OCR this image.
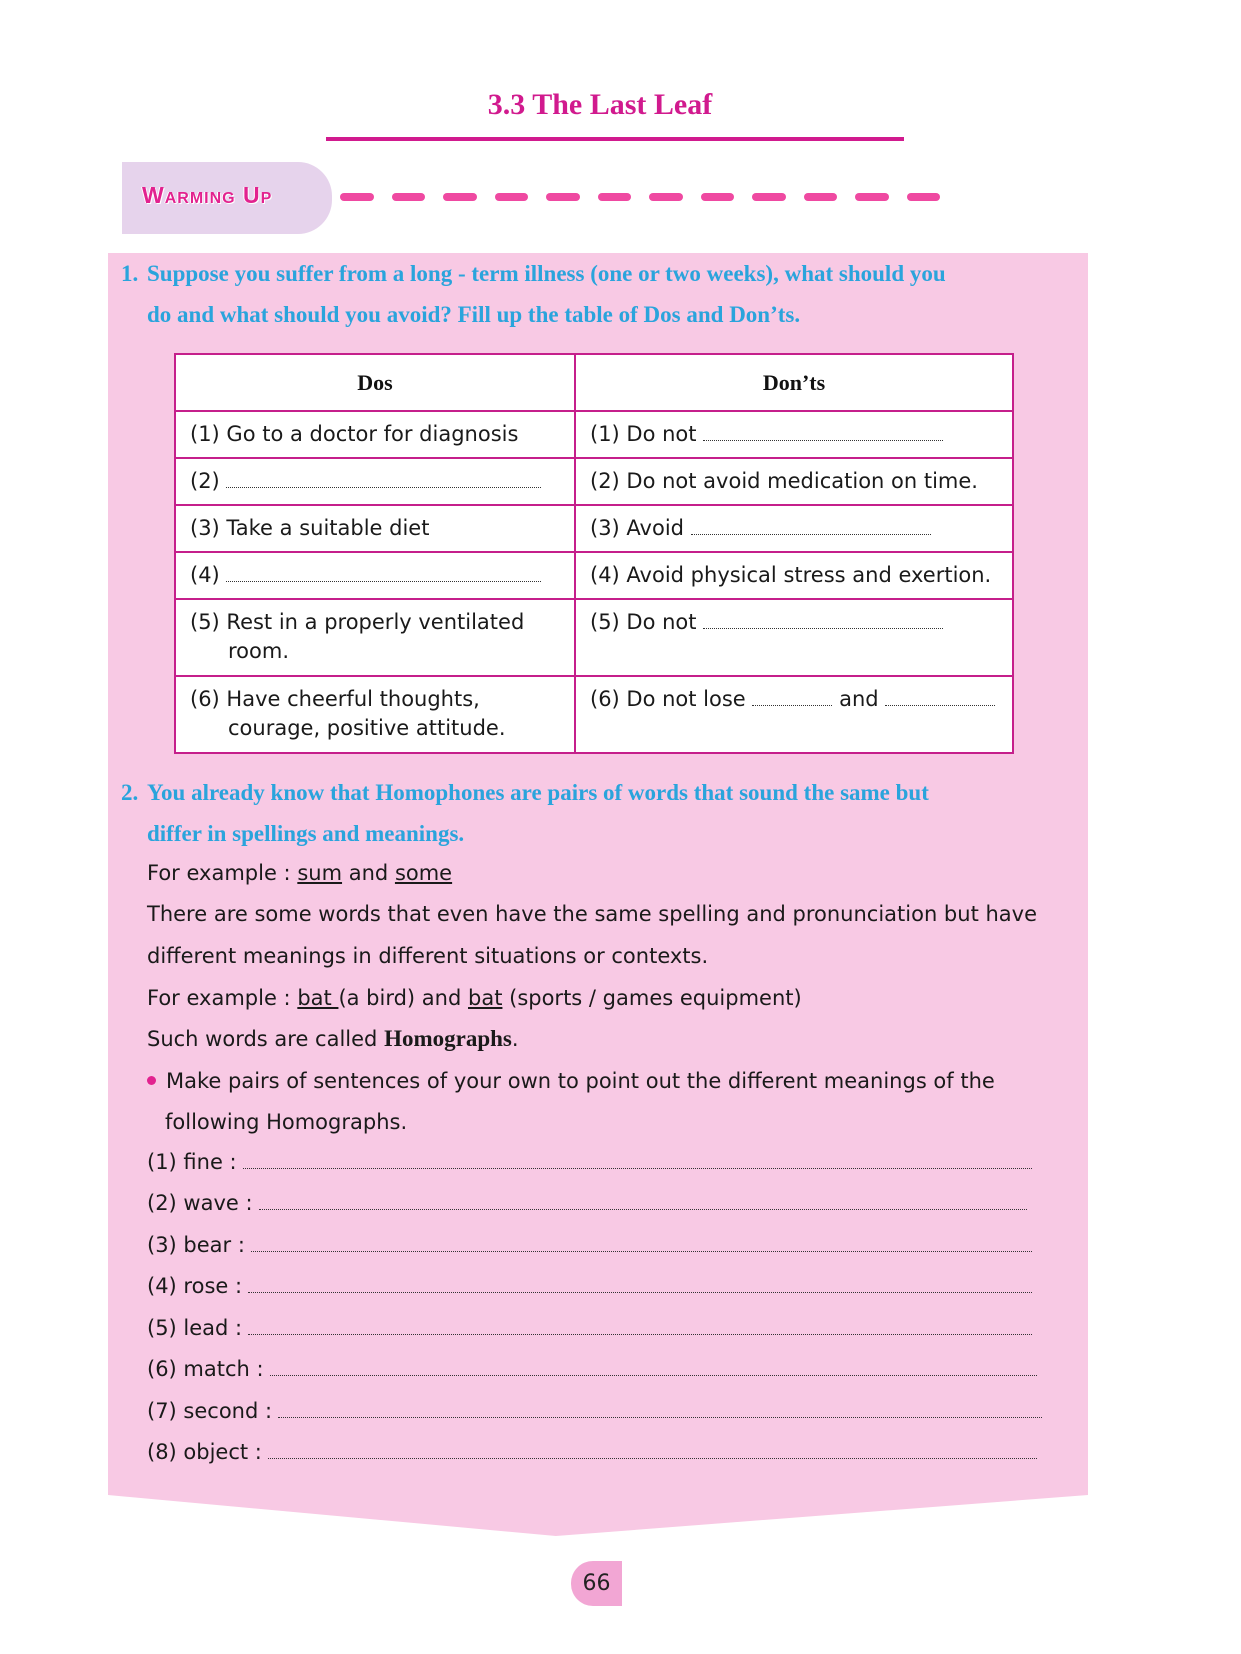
3.3 The Last Leaf
Warming Up
1. Suppose you suffer from a long - term illness (one or two weeks), what should you
do and what should you avoid? Fill up the table of Dos and Don’ts.
Dos	Don’ts
(1) Go to a doctor for diagnosis	(1) Do not
(2)	(2) Do not avoid medication on time.
(3) Take a suitable diet	(3) Avoid
(4)	(4) Avoid physical stress and exertion.
(5) Rest in a properly ventilated room.	(5) Do not
(6) Have cheerful thoughts, courage, positive attitude.	(6) Do not lose and
2. You already know that Homophones are pairs of words that sound the same but
differ in spellings and meanings.
For example : sum and some
There are some words that even have the same spelling and pronunciation but have
different meanings in different situations or contexts.
For example : bat (a bird) and bat (sports / games equipment)
Such words are called Homographs.
Make pairs of sentences of your own to point out the different meanings of the
following Homographs.
(1) fine :
(2) wave :
(3) bear :
(4) rose :
(5) lead :
(6) match :
(7) second :
(8) object :
66
